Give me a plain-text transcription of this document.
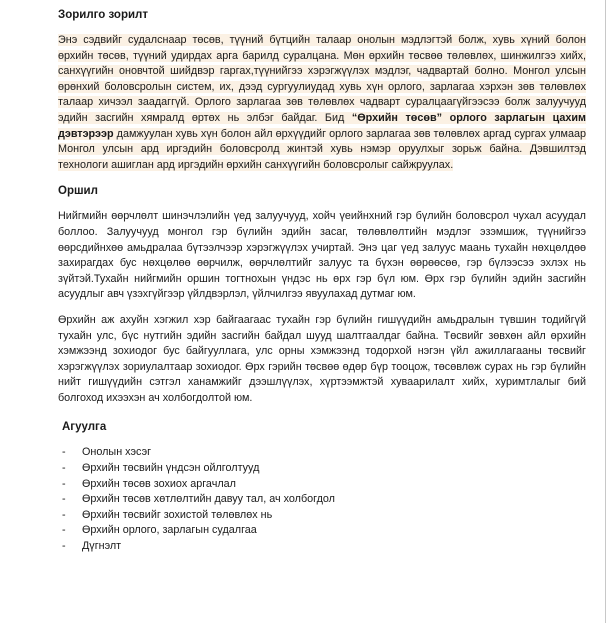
Зорилго зорилт

Энэ сэдвийг судалснаар төсөв, түүний бүтцийн талаар онолын мэдлэгтэй болж, хувь хүний болон өрхийн төсөв, түүний удирдах арга барилд суралцана. Мөн өрхийн төсвөө төлөвлөх, шинжилгээ хийх, санхүүгийн оновчтой шийдвэр гаргах,түүнийгээ хэрэгжүүлэх мэдлэг, чадвартай болно. Монгол улсын өрөнхий боловсролын систем, их, дээд сургуулиудад хувь хүн орлого, зарлагаа хэрхэн зөв төлөвлөх талаар хичээл заадаггүй. Орлого зарлагаа зөв төлөвлөх чадварт суралцаагүйгээсээ болж залуучууд эдийн засгийн хямралд өртөх нь элбэг байдаг. Бид “Өрхийн төсөв” орлого зарлагын цахим дэвтэрээр дамжуулан хувь хүн болон айл өрхүүдийг орлого зарлагаа зөв төлөвлөх аргад сургах улмаар Монгол улсын ард иргэдийн боловсролд жинтэй хувь нэмэр оруулхыг зорьж байна. Дэвшилтэд технологи ашиглан ард иргэдийн өрхийн санхүүгийн боловсролыг сайжруулах.

Оршил

Нийгмийн өөрчлөлт шинэчлэлийн үед залуучууд, хойч үеийнхний гэр бүлийн боловсрол чухал асуудал боллоо. Залуучууд монгол гэр бүлийн эдийн засаг, төлөвлөлтийн мэдлэг эзэмшиж, түүнийгээ өөрсдийнхөө амьдралаа бүтээлчээр хэрэгжүүлэх учиртай. Энэ цаг үед залуус маань тухайн нөхцөлдөө захирагдах бус нөхцөлөө өөрчилж, өөрчлөлтийг залуус та бүхэн өөрөөсөө, гэр бүлээсээ эхлэх нь зүйтэй.Тухайн нийгмийн оршин тогтнохын үндэс нь өрх гэр бүл юм. Өрх гэр бүлийн эдийн засгийн асуудлыг авч үзэхгүйгээр үйлдвэрлэл, үйлчилгээ явуулахад дутмаг юм.

Өрхийн аж ахуйн хэгжил хэр байгаагаас тухайн гэр бүлийн гишүүдийн амьдралын түвшин тодийгүй тухайн улс, бүс нутгийн эдийн засгийн байдал шууд шалтгаалдаг байна. Төсвийг зөвхөн айл өрхийн хэмжээнд зохиодог бус байгууллага, улс орны хэмжээнд тодорхой нэгэн үйл ажиллагааны төсвийг хэрэгжүүлэх зориулалтаар зохиодог. Өрх гэрийн төсвөө өдөр бүр тооцож, төсөвлөж сурах нь гэр бүлийн нийт гишүүдийн сэтгэл ханамжийг дээшлүүлэх, хүртээмжтэй хуваарилалт хийх, хуримтлалыг бий болгоход ихээхэн ач холбогдолтой юм.

Агуулга
- Онолын хэсэг
- Өрхийн төсвийн үндсэн ойлголтууд
- Өрхийн төсөв зохиох аргачлал
- Өрхийн төсөв хөтлөлтийн давуу тал, ач холбогдол
- Өрхийн төсвийг зохистой төлөвлөх нь
- Өрхийн орлого, зарлагын судалгаа
- Дүгнэлт
